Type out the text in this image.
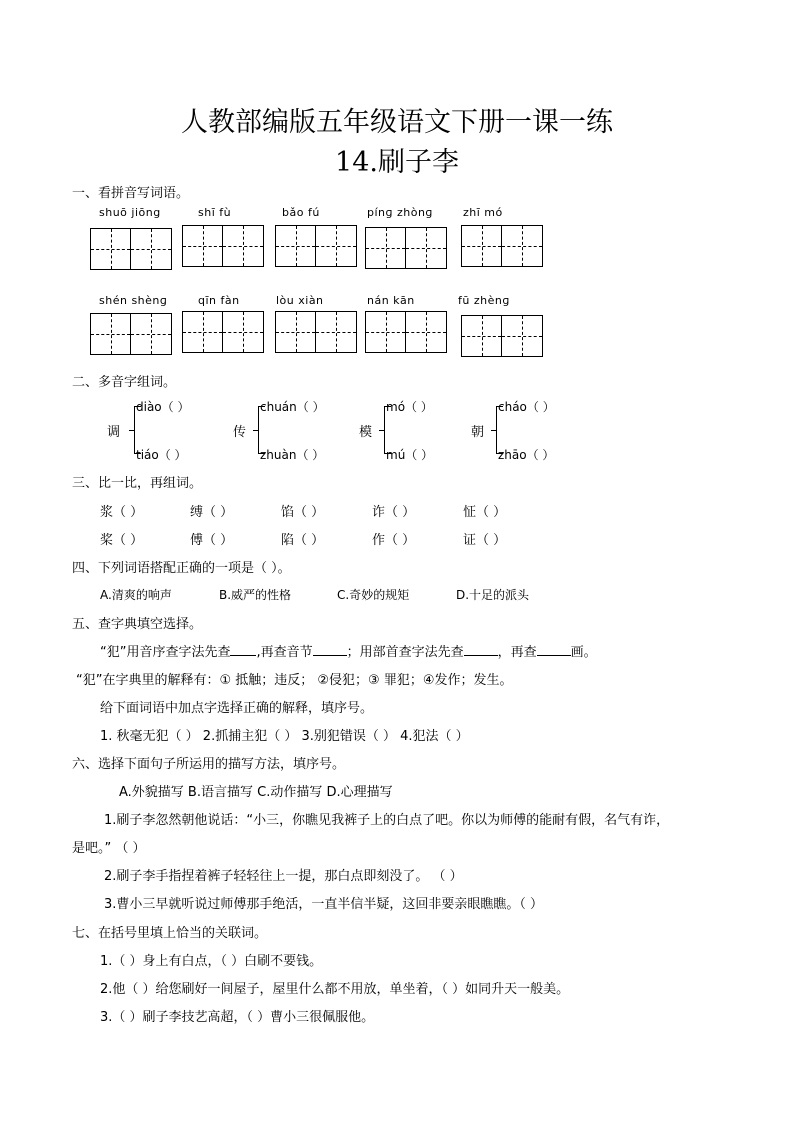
人教部编版五年级语文下册一课一练
14.刷子李
一、看拼音写词语。
shuō jiōng	shī fù	bǎo fú	pínɡ zhònɡ	zhī mó
shén shènɡ	qīn fàn	lòu xiàn	nán kān	fū zhènɡ
二、多音字组词。
调
diào（ ）
tiáo（ ）
传
chuán（ ）
zhuàn（ ）
模
mó（ ）
mú（ ）
朝
cháo（ ）
zhāo（ ）
三、比一比，再组词。
浆（ ）	缚（ ）	馅（ ）	诈（ ）	怔（ ）
桨（ ）	傅（ ）	陷（ ）	作（ ）	证（ ）
四、下列词语搭配正确的一项是（ ）。
A.清爽的响声	B.威严的性格	C.奇妙的规矩	D.十足的派头
五、查字典填空选择。
“犯”用音序查字法先查 ,再查音节	；用部首查字法先查	，再查	画。
“犯”在字典里的解释有：① 抵触；违反； ②侵犯；③ 罪犯；④发作；发生。
给下面词语中加点字选择正确的解释，填序号。
1. 秋毫无犯（ ） 2.抓捕主犯（ ） 3.别犯错误（ ） 4.犯法（ ）
六、选择下面句子所运用的描写方法，填序号。
A.外貌描写 B.语言描写 C.动作描写 D.心理描写
1.刷子李忽然朝他说话：“小三，你瞧见我裤子上的白点了吧。你以为师傅的能耐有假，名气有诈，
是吧。” （ ）
2.刷子李手指捏着裤子轻轻往上一提，那白点即刻没了。 （ ）
3.曹小三早就听说过师傅那手绝活，一直半信半疑，这回非要亲眼瞧瞧。（ ）
七、在括号里填上恰当的关联词。
1.（ ）身上有白点，（ ）白刷不要钱。
2.他（ ）给您刷好一间屋子，屋里什么都不用放，单坐着，（ ）如同升天一般美。
3.（ ）刷子李技艺高超，（ ）曹小三很佩服他。
